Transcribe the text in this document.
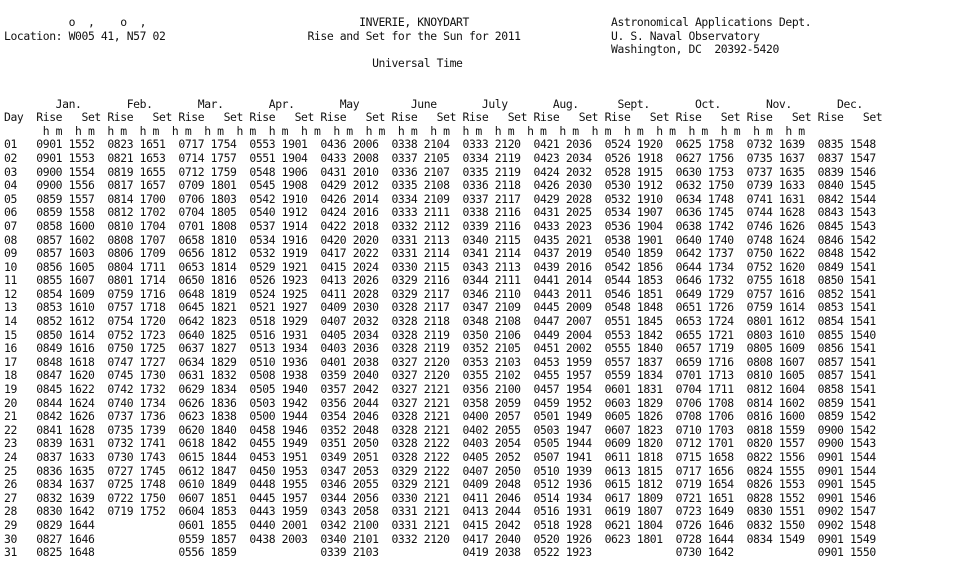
o  ,    o  ,                                 INVERIE, KNOYDART                      Astronomical Applications Dept.
Location: W005 41, N57 02                      Rise and Set for the Sun for 2011              U. S. Naval Observatory
Washington, DC  20392-5420
Universal Time
Jan.       Feb.       Mar.       Apr.       May        June       July       Aug.      Sept.       Oct.       Nov.       Dec.
Day  Rise   Set Rise   Set Rise   Set Rise   Set Rise   Set Rise   Set Rise   Set Rise   Set Rise   Set Rise   Set Rise   Set Rise   Set
h m  h m  h m  h m  h m  h m  h m  h m  h m  h m  h m  h m  h m  h m  h m  h m  h m  h m  h m  h m  h m  h m  h m  h m
01   0901 1552  0823 1651  0717 1754  0553 1901  0436 2006  0338 2104  0333 2120  0421 2036  0524 1920  0625 1758  0732 1639  0835 1548
02   0901 1553  0821 1653  0714 1757  0551 1904  0433 2008  0337 2105  0334 2119  0423 2034  0526 1918  0627 1756  0735 1637  0837 1547
03   0900 1554  0819 1655  0712 1759  0548 1906  0431 2010  0336 2107  0335 2119  0424 2032  0528 1915  0630 1753  0737 1635  0839 1546
04   0900 1556  0817 1657  0709 1801  0545 1908  0429 2012  0335 2108  0336 2118  0426 2030  0530 1912  0632 1750  0739 1633  0840 1545
05   0859 1557  0814 1700  0706 1803  0542 1910  0426 2014  0334 2109  0337 2117  0429 2028  0532 1910  0634 1748  0741 1631  0842 1544
06   0859 1558  0812 1702  0704 1805  0540 1912  0424 2016  0333 2111  0338 2116  0431 2025  0534 1907  0636 1745  0744 1628  0843 1543
07   0858 1600  0810 1704  0701 1808  0537 1914  0422 2018  0332 2112  0339 2116  0433 2023  0536 1904  0638 1742  0746 1626  0845 1543
08   0857 1602  0808 1707  0658 1810  0534 1916  0420 2020  0331 2113  0340 2115  0435 2021  0538 1901  0640 1740  0748 1624  0846 1542
09   0857 1603  0806 1709  0656 1812  0532 1919  0417 2022  0331 2114  0341 2114  0437 2019  0540 1859  0642 1737  0750 1622  0848 1542
10   0856 1605  0804 1711  0653 1814  0529 1921  0415 2024  0330 2115  0343 2113  0439 2016  0542 1856  0644 1734  0752 1620  0849 1541
11   0855 1607  0801 1714  0650 1816  0526 1923  0413 2026  0329 2116  0344 2111  0441 2014  0544 1853  0646 1732  0755 1618  0850 1541
12   0854 1609  0759 1716  0648 1819  0524 1925  0411 2028  0329 2117  0346 2110  0443 2011  0546 1851  0649 1729  0757 1616  0852 1541
13   0853 1610  0757 1718  0645 1821  0521 1927  0409 2030  0328 2117  0347 2109  0445 2009  0548 1848  0651 1726  0759 1614  0853 1541
14   0852 1612  0754 1720  0642 1823  0518 1929  0407 2032  0328 2118  0348 2108  0447 2007  0551 1845  0653 1724  0801 1612  0854 1541
15   0850 1614  0752 1723  0640 1825  0516 1931  0405 2034  0328 2119  0350 2106  0449 2004  0553 1842  0655 1721  0803 1610  0855 1540
16   0849 1616  0750 1725  0637 1827  0513 1934  0403 2036  0328 2119  0352 2105  0451 2002  0555 1840  0657 1719  0805 1609  0856 1541
17   0848 1618  0747 1727  0634 1829  0510 1936  0401 2038  0327 2120  0353 2103  0453 1959  0557 1837  0659 1716  0808 1607  0857 1541
18   0847 1620  0745 1730  0631 1832  0508 1938  0359 2040  0327 2120  0355 2102  0455 1957  0559 1834  0701 1713  0810 1605  0857 1541
19   0845 1622  0742 1732  0629 1834  0505 1940  0357 2042  0327 2121  0356 2100  0457 1954  0601 1831  0704 1711  0812 1604  0858 1541
20   0844 1624  0740 1734  0626 1836  0503 1942  0356 2044  0327 2121  0358 2059  0459 1952  0603 1829  0706 1708  0814 1602  0859 1541
21   0842 1626  0737 1736  0623 1838  0500 1944  0354 2046  0328 2121  0400 2057  0501 1949  0605 1826  0708 1706  0816 1600  0859 1542
22   0841 1628  0735 1739  0620 1840  0458 1946  0352 2048  0328 2121  0402 2055  0503 1947  0607 1823  0710 1703  0818 1559  0900 1542
23   0839 1631  0732 1741  0618 1842  0455 1949  0351 2050  0328 2122  0403 2054  0505 1944  0609 1820  0712 1701  0820 1557  0900 1543
24   0837 1633  0730 1743  0615 1844  0453 1951  0349 2051  0328 2122  0405 2052  0507 1941  0611 1818  0715 1658  0822 1556  0901 1544
25   0836 1635  0727 1745  0612 1847  0450 1953  0347 2053  0329 2122  0407 2050  0510 1939  0613 1815  0717 1656  0824 1555  0901 1544
26   0834 1637  0725 1748  0610 1849  0448 1955  0346 2055  0329 2121  0409 2048  0512 1936  0615 1812  0719 1654  0826 1553  0901 1545
27   0832 1639  0722 1750  0607 1851  0445 1957  0344 2056  0330 2121  0411 2046  0514 1934  0617 1809  0721 1651  0828 1552  0901 1546
28   0830 1642  0719 1752  0604 1853  0443 1959  0343 2058  0331 2121  0413 2044  0516 1931  0619 1807  0723 1649  0830 1551  0902 1547
29   0829 1644             0601 1855  0440 2001  0342 2100  0331 2121  0415 2042  0518 1928  0621 1804  0726 1646  0832 1550  0902 1548
30   0827 1646             0559 1857  0438 2003  0340 2101  0332 2120  0417 2040  0520 1926  0623 1801  0728 1644  0834 1549  0901 1549
31   0825 1648             0556 1859             0339 2103             0419 2038  0522 1923             0730 1642             0901 1550
